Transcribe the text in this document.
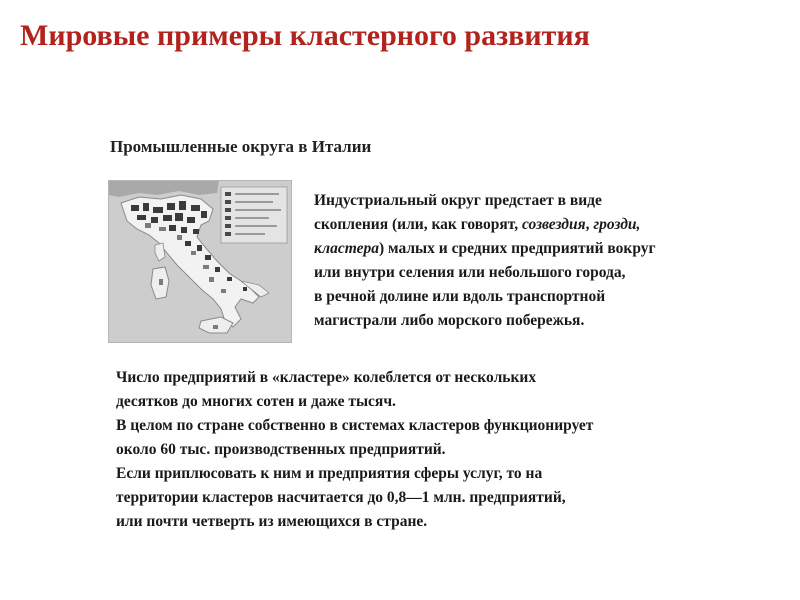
Мировые примеры кластерного развития
Промышленные округа в Италии

Индустриальный округ предстает в виде
скопления (или, как говорят, созвездия, грозди,
кластера) малых и средних предприятий вокруг
или внутри селения или небольшого города,
в речной долине или вдоль транспортной
магистрали либо морского побережья.

Число предприятий в «кластере» колеблется от нескольких
десятков до многих сотен и даже тысяч.
В целом по стране собственно в системах кластеров функционирует
около 60 тыс. производственных предприятий.
Если приплюсовать к ним и предприятия сферы услуг, то на
территории кластеров насчитается до 0,8—1 млн. предприятий,
или почти четверть из имеющихся в стране.
